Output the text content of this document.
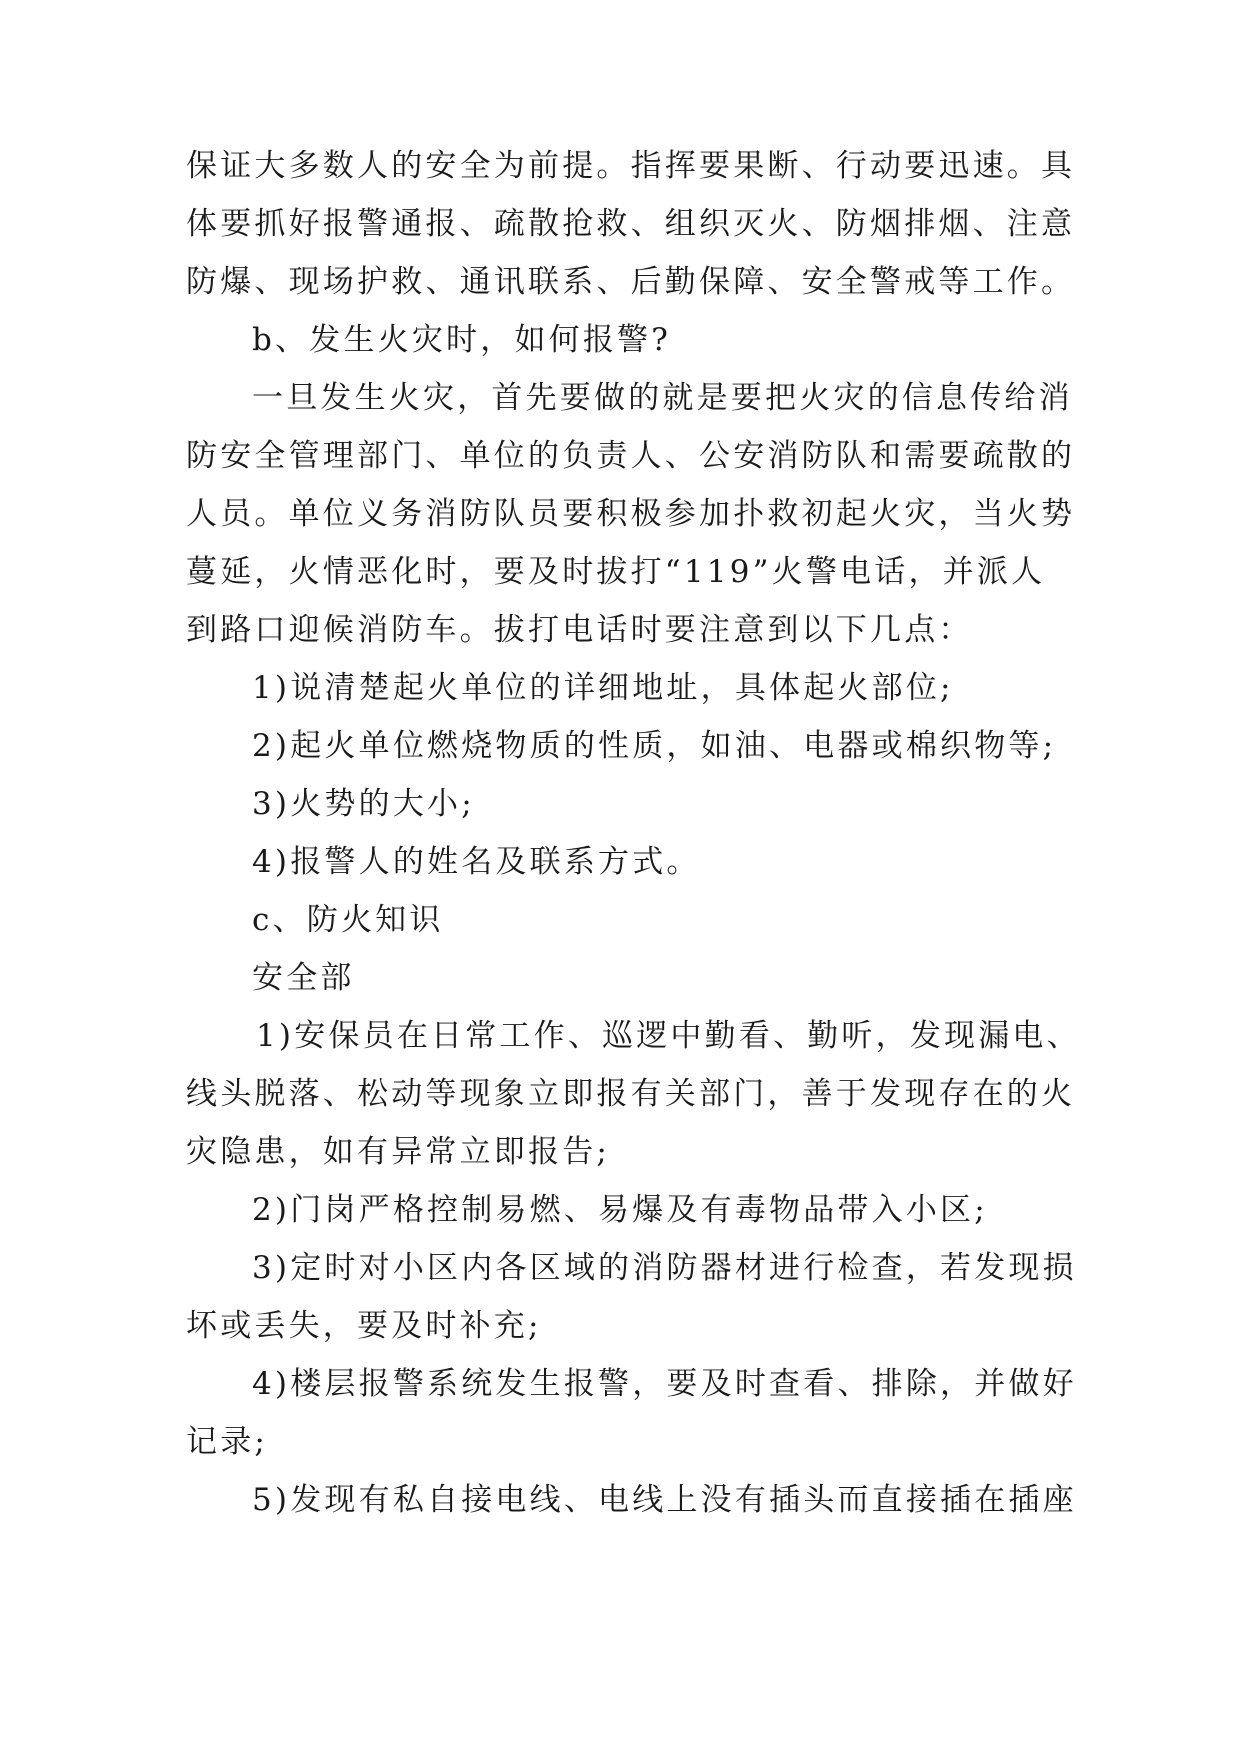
保证大多数人的安全为前提。指挥要果断、行动要迅速。具
体要抓好报警通报、疏散抢救、组织灭火、防烟排烟、注意
防爆、现场护救、通讯联系、后勤保障、安全警戒等工作。
b、发生火灾时，如何报警?
一旦发生火灾，首先要做的就是要把火灾的信息传给消
防安全管理部门、单位的负责人、公安消防队和需要疏散的
人员。单位义务消防队员要积极参加扑救初起火灾，当火势
蔓延，火情恶化时，要及时拔打“119”火警电话，并派人
到路口迎候消防车。拔打电话时要注意到以下几点：
1)说清楚起火单位的详细地址，具体起火部位;
2)起火单位燃烧物质的性质，如油、电器或棉织物等;
3)火势的大小;
4)报警人的姓名及联系方式。
c、防火知识
安全部
1)安保员在日常工作、巡逻中勤看、勤听，发现漏电、
线头脱落、松动等现象立即报有关部门，善于发现存在的火
灾隐患，如有异常立即报告;
2)门岗严格控制易燃、易爆及有毒物品带入小区;
3)定时对小区内各区域的消防器材进行检查，若发现损
坏或丢失，要及时补充;
4)楼层报警系统发生报警，要及时查看、排除，并做好
记录;
5)发现有私自接电线、电线上没有插头而直接插在插座
